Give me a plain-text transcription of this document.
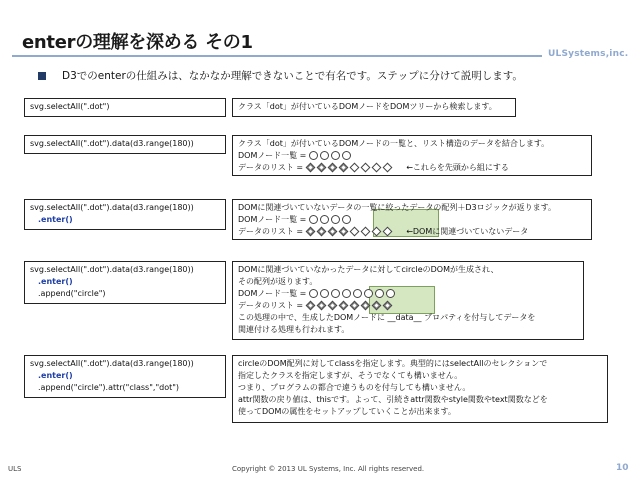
enterの理解を深める その1
ULSystems,inc.
D3でのenterの仕組みは、なかなか理解できないことで有名です。ステップに分けて説明します。
svg.selectAll(".dot")	クラス「dot」が付いているDOMノードをDOMツリーから検索します。
svg.selectAll(".dot").data(d3.range(180))	クラス「dot」が付いているDOMノードの一覧と、リスト構造のデータを結合します。
DOMノード一覧 =
データのリスト =	←これらを先頭から組にする
svg.selectAll(".dot").data(d3.range(180))
.enter()
DOMに関連づいていないデータの一覧に絞ったデータの配列＋D3ロジックが返ります。
DOMノード一覧 =
データのリスト =	←DOMに関連づいていないデータ
svg.selectAll(".dot").data(d3.range(180))
.enter()
.append("circle")
DOMに関連づいていなかったデータに対してcircleのDOMが生成され、
その配列が返ります。
DOMノード一覧 =
データのリスト =
この処理の中で、生成したDOMノードに __data__ プロパティを付与してデータを
関連付ける処理も行われます。
svg.selectAll(".dot").data(d3.range(180))
.enter()
.append("circle").attr("class","dot")
circleのDOM配列に対してclassを指定します。典型的にはselectAllのセレクションで
指定したクラスを指定しますが、そうでなくても構いません。
つまり、プログラムの都合で違うものを付与しても構いません。
attr関数の戻り値は、thisです。よって、引続きattr関数やstyle関数やtext関数などを
使ってDOMの属性をセットアップしていくことが出来ます。
ULS	Copyright © 2013 UL Systems, Inc. All rights reserved.	10
